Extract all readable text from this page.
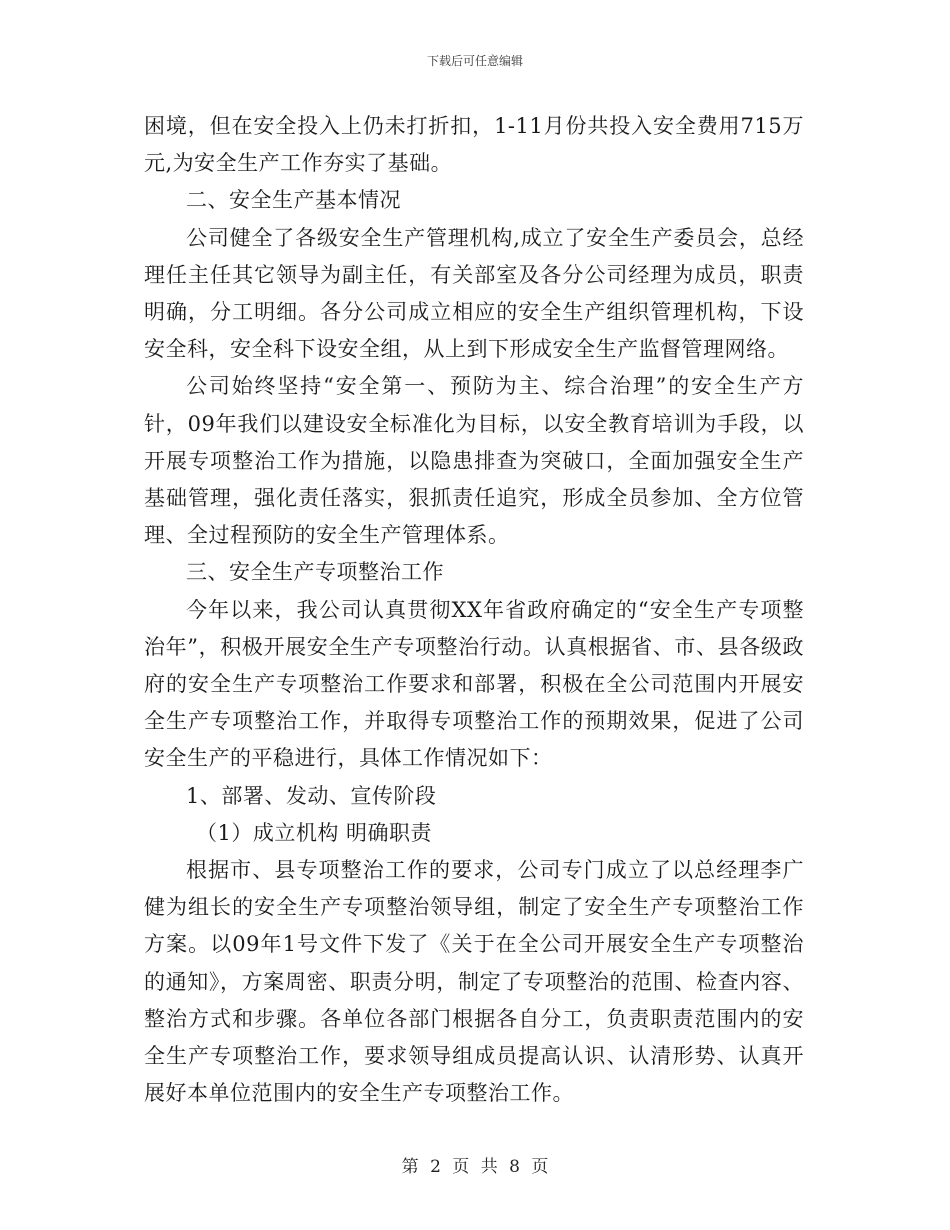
下载后可任意编辑

困境，但在安全投入上仍未打折扣，1-11月份共投入安全费用715万元,为安全生产工作夯实了基础。

二、安全生产基本情况

公司健全了各级安全生产管理机构,成立了安全生产委员会，总经理任主任其它领导为副主任，有关部室及各分公司经理为成员，职责明确，分工明细。各分公司成立相应的安全生产组织管理机构，下设安全科，安全科下设安全组，从上到下形成安全生产监督管理网络。

公司始终坚持“安全第一、预防为主、综合治理”的安全生产方针，09年我们以建设安全标准化为目标，以安全教育培训为手段，以开展专项整治工作为措施，以隐患排查为突破口，全面加强安全生产基础管理，强化责任落实，狠抓责任追究，形成全员参加、全方位管理、全过程预防的安全生产管理体系。

三、安全生产专项整治工作

今年以来，我公司认真贯彻XX年省政府确定的“安全生产专项整治年”，积极开展安全生产专项整治行动。认真根据省、市、县各级政府的安全生产专项整治工作要求和部署，积极在全公司范围内开展安全生产专项整治工作，并取得专项整治工作的预期效果，促进了公司安全生产的平稳进行，具体工作情况如下：

1、部署、发动、宣传阶段

（1）成立机构 明确职责

根据市、县专项整治工作的要求，公司专门成立了以总经理李广健为组长的安全生产专项整治领导组，制定了安全生产专项整治工作方案。以09年1号文件下发了《关于在全公司开展安全生产专项整治的通知》，方案周密、职责分明，制定了专项整治的范围、检查内容、整治方式和步骤。各单位各部门根据各自分工，负责职责范围内的安全生产专项整治工作，要求领导组成员提高认识、认清形势、认真开展好本单位范围内的安全生产专项整治工作。

第 2 页 共 8 页
